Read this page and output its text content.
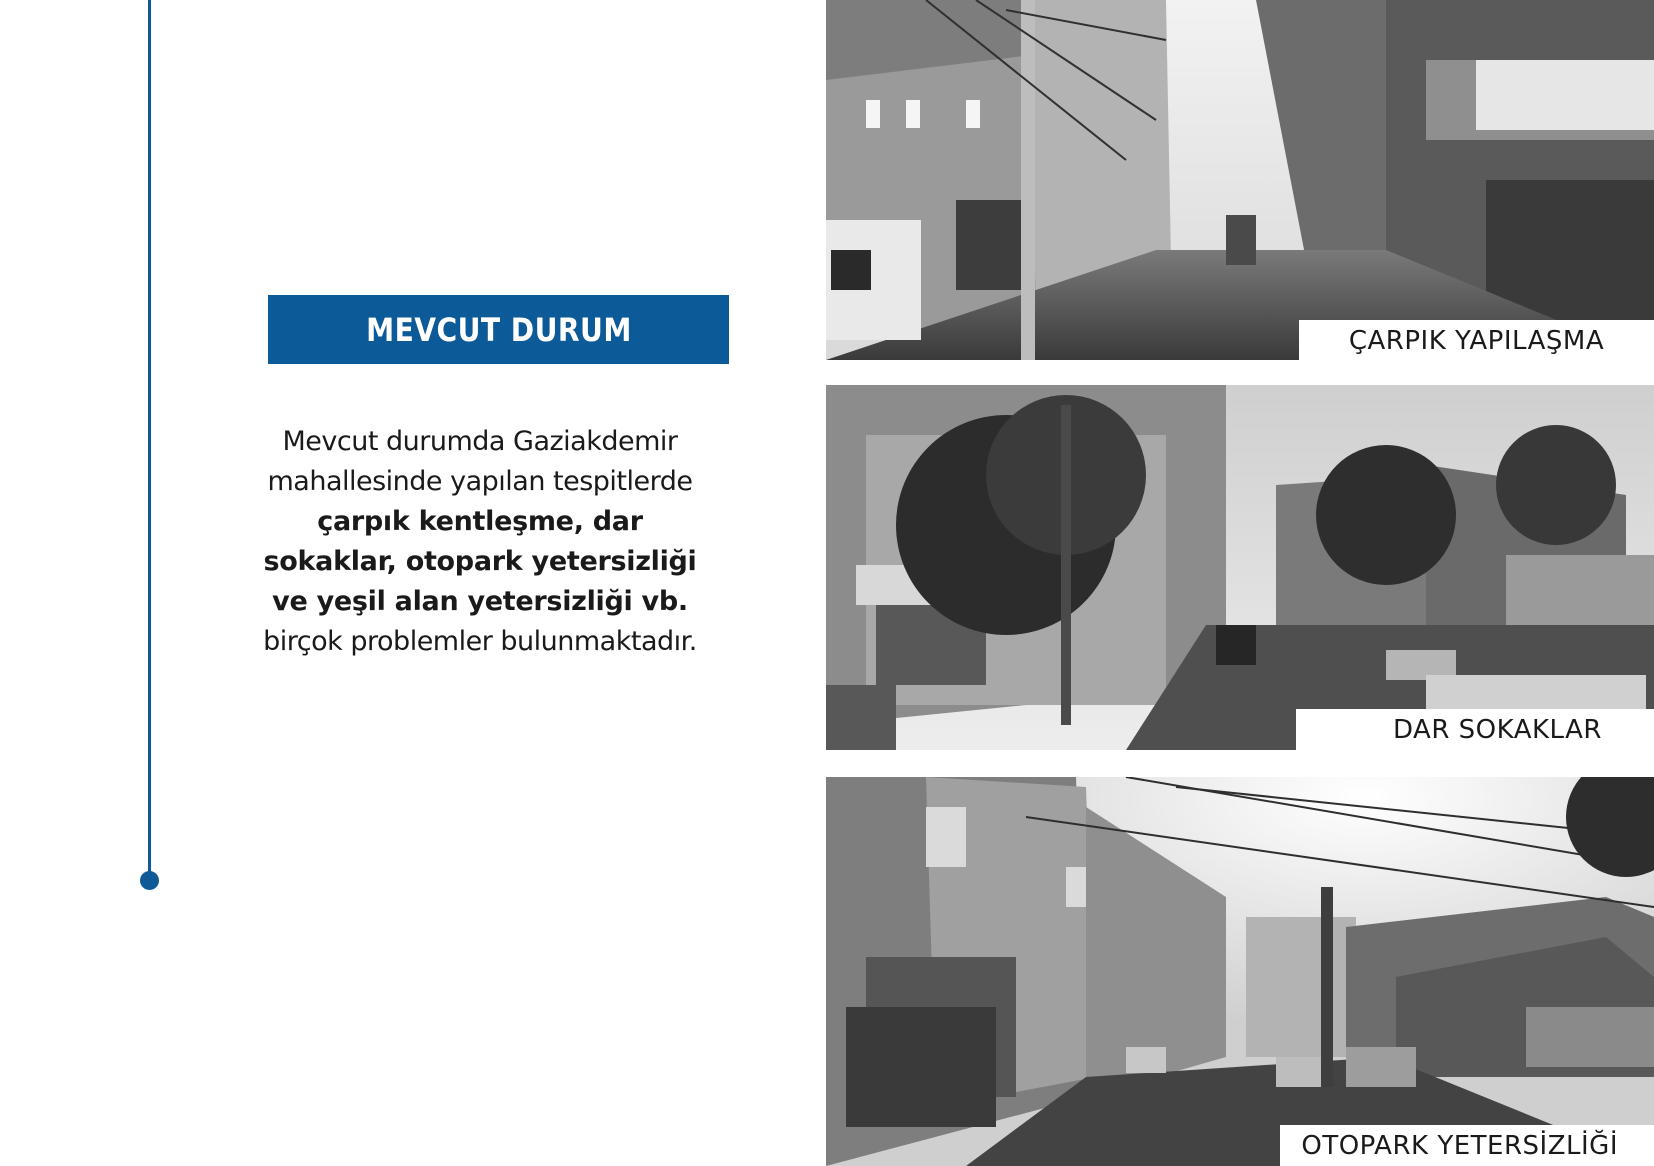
MEVCUT DURUM
Mevcut durumda Gaziakdemir mahallesinde yapılan tespitlerde çarpık kentleşme, dar sokaklar, otopark yetersizliği ve yeşil alan yetersizliği vb. birçok problemler bulunmaktadır.
ÇARPIK YAPILAŞMA
DAR SOKAKLAR
OTOPARK YETERSİZLİĞİ
